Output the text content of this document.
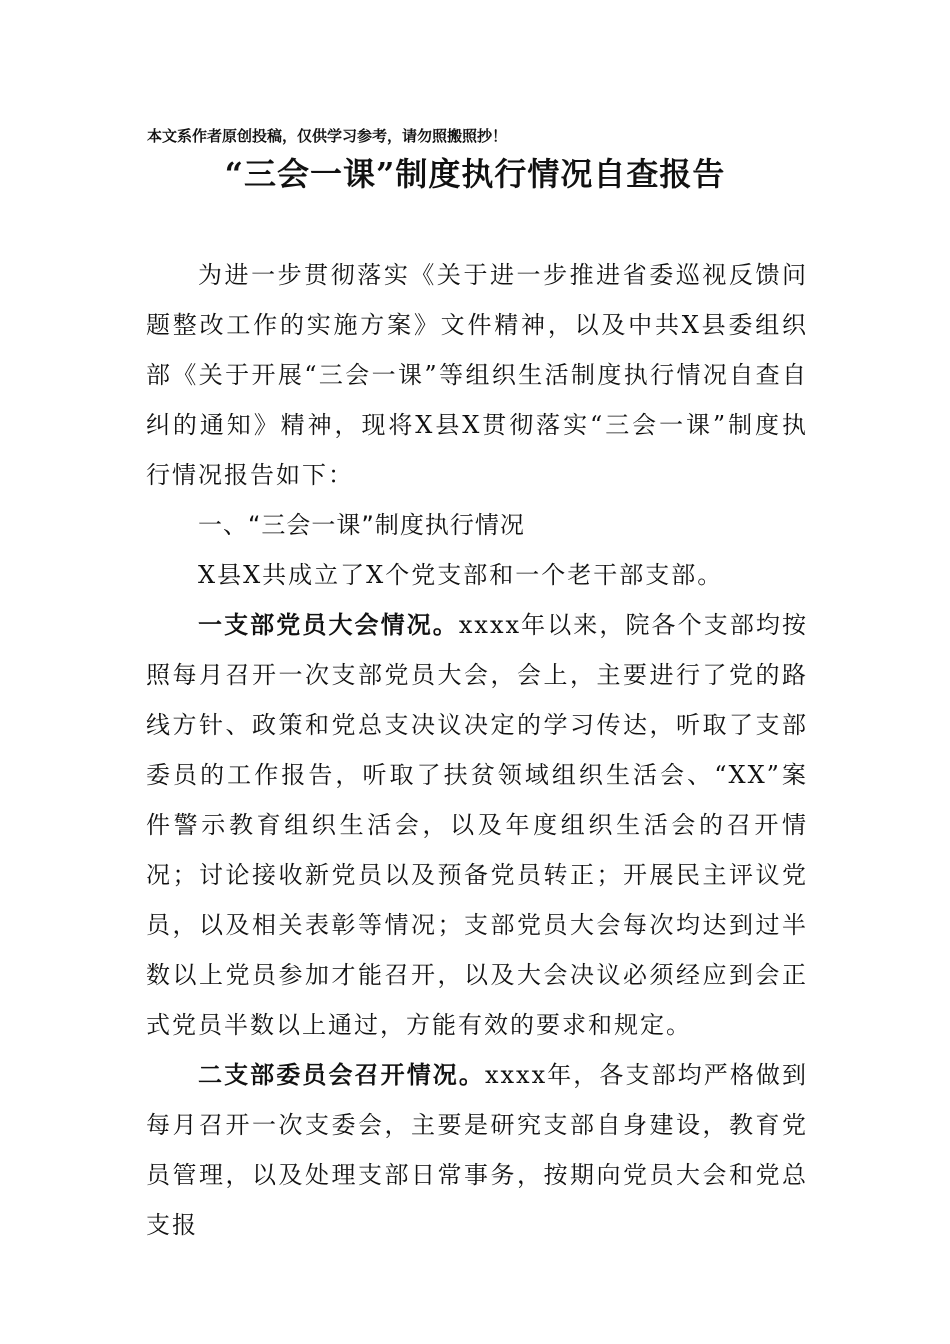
本文系作者原创投稿，仅供学习参考，请勿照搬照抄！
“三会一课”制度执行情况自查报告

为进一步贯彻落实《关于进一步推进省委巡视反馈问题整改工作的实施方案》文件精神，以及中共X县委组织部《关于开展“三会一课”等组织生活制度执行情况自查自纠的通知》精神，现将X县X贯彻落实“三会一课”制度执行情况报告如下：

一、“三会一课”制度执行情况

X县X共成立了X个党支部和一个老干部支部。

一支部党员大会情况。xxxx年以来，院各个支部均按照每月召开一次支部党员大会，会上，主要进行了党的路线方针、政策和党总支决议决定的学习传达，听取了支部委员的工作报告，听取了扶贫领域组织生活会、“XX”案件警示教育组织生活会，以及年度组织生活会的召开情况；讨论接收新党员以及预备党员转正；开展民主评议党员，以及相关表彰等情况；支部党员大会每次均达到过半数以上党员参加才能召开，以及大会决议必须经应到会正式党员半数以上通过，方能有效的要求和规定。

二支部委员会召开情况。xxxx年，各支部均严格做到每月召开一次支委会，主要是研究支部自身建设，教育党员管理，以及处理支部日常事务，按期向党员大会和党总支报
